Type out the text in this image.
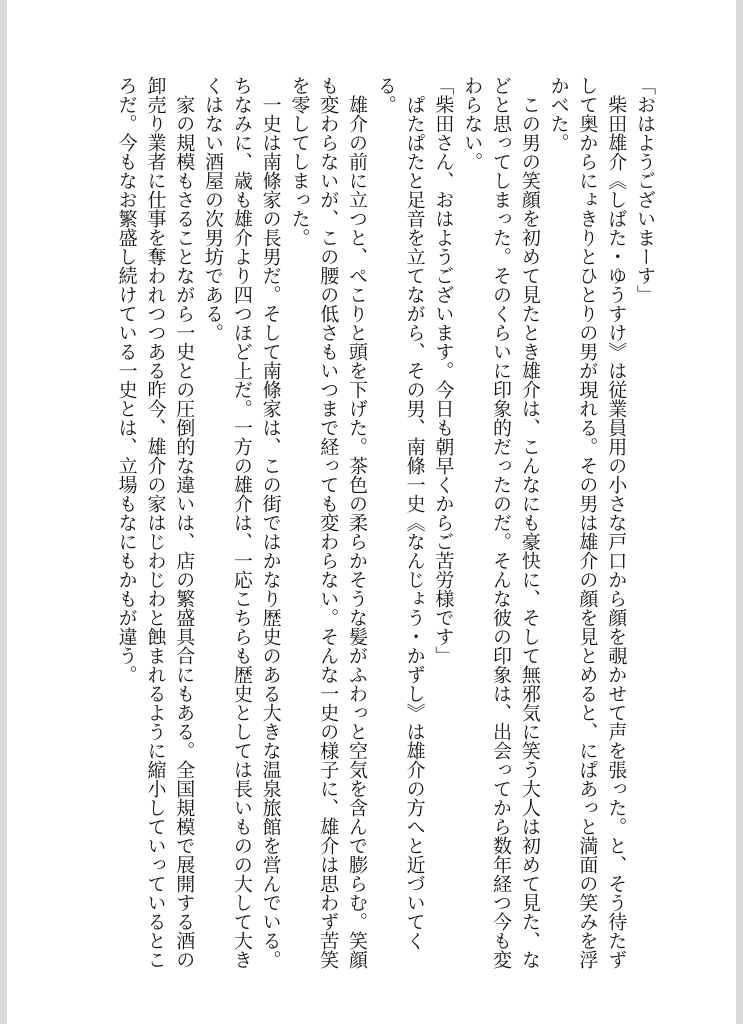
「おはようございまーす」

柴田雄介《しばた・ゆうすけ》は従業員用の小さな戸口から顔を覗かせて声を張った。と、そう待たずして奥からにょきりとひとりの男が現れる。その男は雄介の顔を見とめると、にぱあっと満面の笑みを浮かべた。

この男の笑顔を初めて見たとき雄介は、こんなにも豪快に、そして無邪気に笑う大人は初めて見た、などと思ってしまった。そのくらいに印象的だったのだ。そんな彼の印象は、出会ってから数年経つ今も変わらない。

「柴田さん、おはようございます。今日も朝早くからご苦労様です」

ぱたぱたと足音を立てながら、その男、南條一史《なんじょう・かずし》は雄介の方へと近づいてくる。

雄介の前に立つと、ぺこりと頭を下げた。茶色の柔らかそうな髪がふわっと空気を含んで膨らむ。笑顔も変わらないが、この腰の低さもいつまで経っても変わらない。そんな一史の様子に、雄介は思わず苦笑を零してしまった。

一史は南條家の長男だ。そして南條家は、この街ではかなり歴史のある大きな温泉旅館を営んでいる。ちなみに、歳も雄介より四つほど上だ。一方の雄介は、一応こちらも歴史としては長いものの大して大きくはない酒屋の次男坊である。

家の規模もさることながら一史との圧倒的な違いは、店の繁盛具合にもある。全国規模で展開する酒の卸売り業者に仕事を奪われつつある昨今、雄介の家はじわじわと蝕まれるように縮小していっているところだ。今もなお繁盛し続けている一史とは、立場もなにもかもが違う。
